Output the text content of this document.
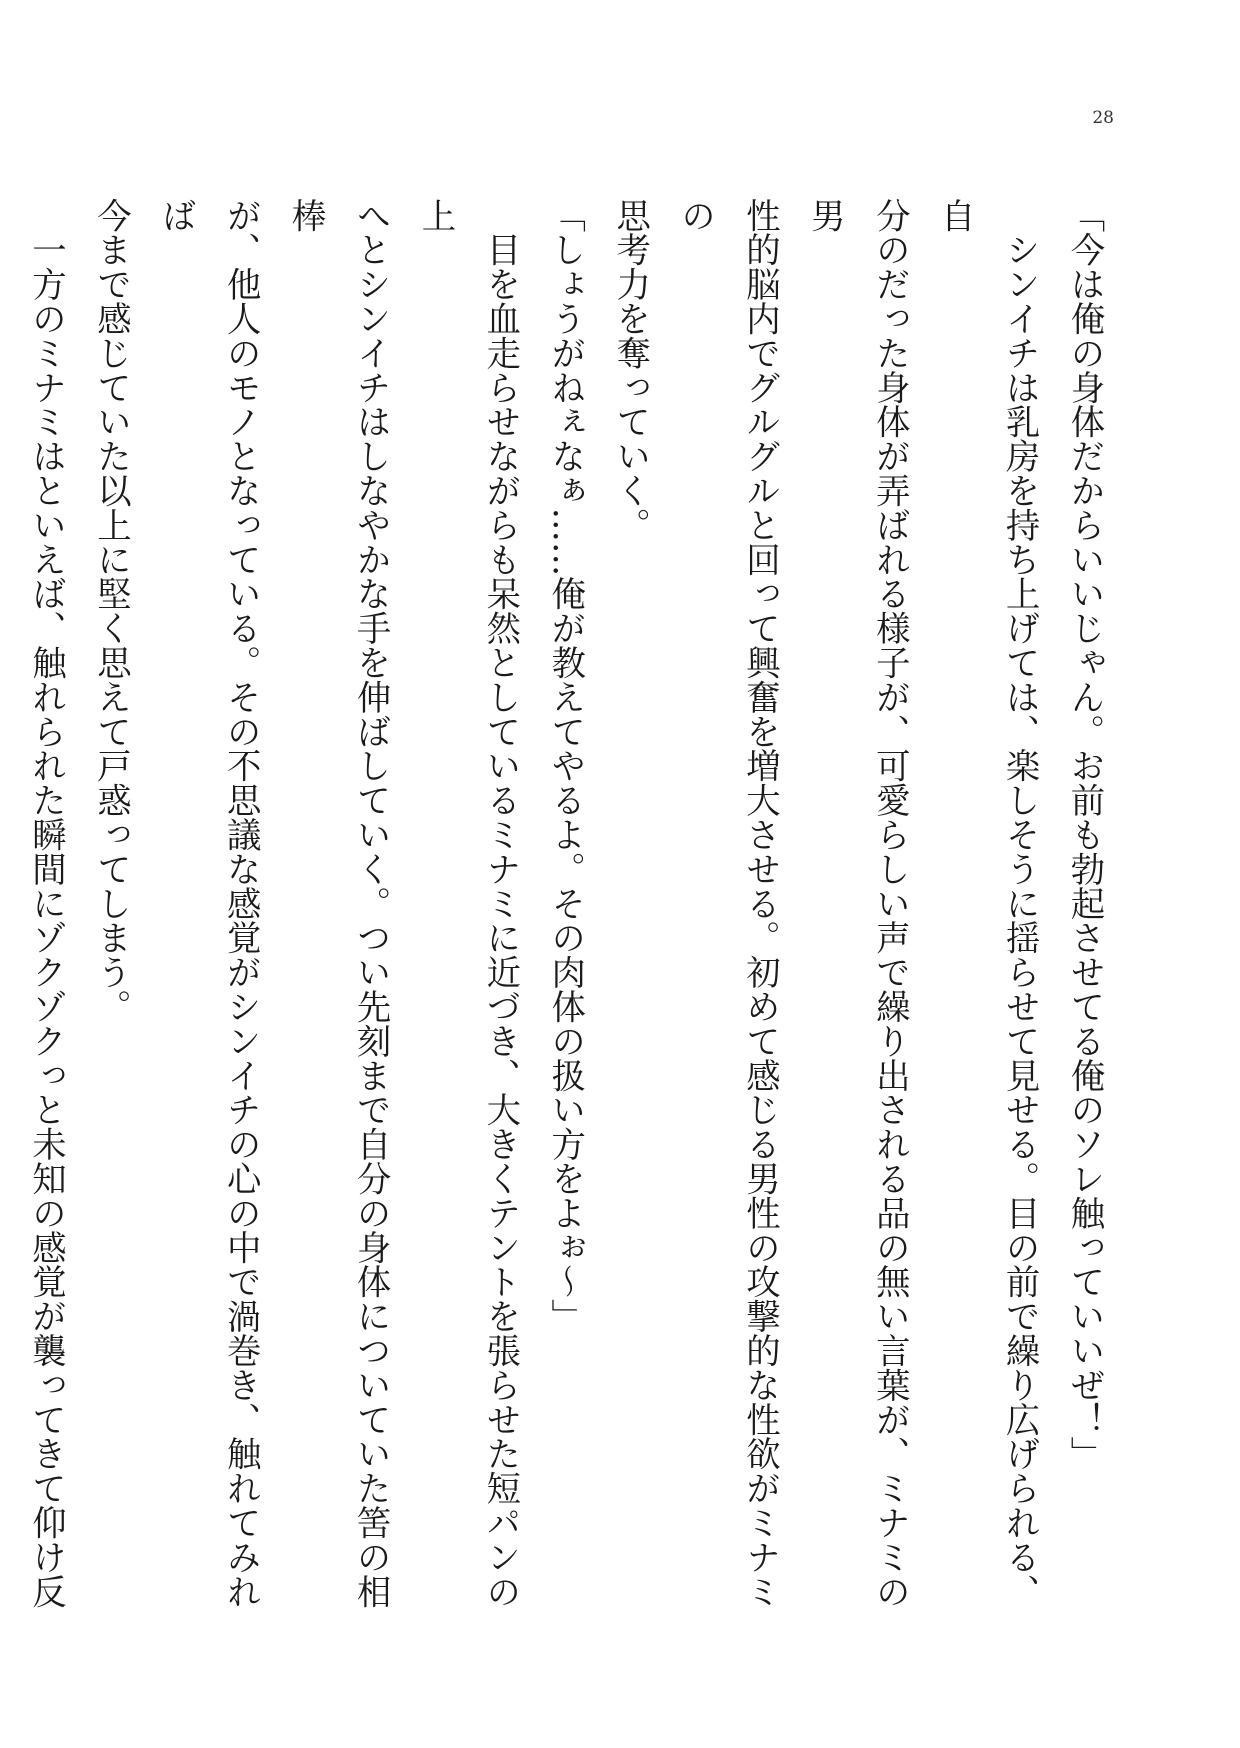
28

「今は俺の身体だからいいじゃん。お前も勃起させてる俺のソレ触っていいぜ！」

　シンイチは乳房を持ち上げては、楽しそうに揺らせて見せる。目の前で繰り広げられる、自

分のだった身体が弄ばれる様子が、可愛らしい声で繰り出される品の無い言葉が、ミナミの男

性的脳内でグルグルと回って興奮を増大させる。初めて感じる男性の攻撃的な性欲がミナミの

思考力を奪っていく。

「しょうがねぇなぁ……俺が教えてやるよ。その肉体の扱い方をよぉ～」

　目を血走らせながらも呆然としているミナミに近づき、大きくテントを張らせた短パンの上

へとシンイチはしなやかな手を伸ばしていく。つい先刻まで自分の身体についていた筈の相棒

が、他人のモノとなっている。その不思議な感覚がシンイチの心の中で渦巻き、触れてみれば

今まで感じていた以上に堅く思えて戸惑ってしまう。

　一方のミナミはといえば、触れられた瞬間にゾクゾクっと未知の感覚が襲ってきて仰け反
